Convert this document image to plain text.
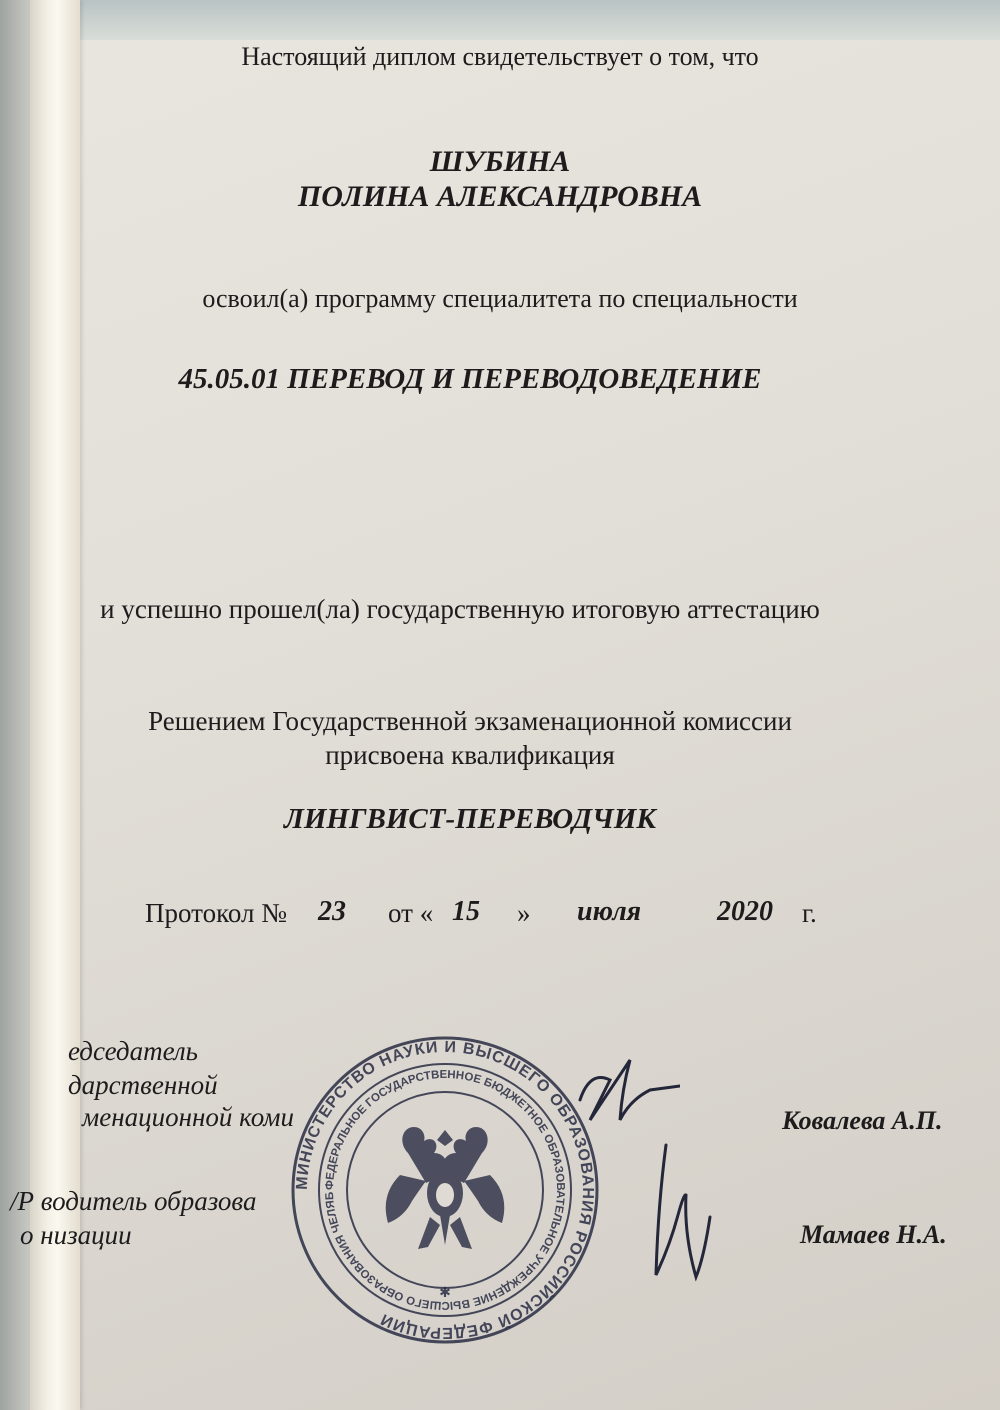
Настоящий диплом свидетельствует о том, что
ШУБИНА
ПОЛИНА АЛЕКСАНДРОВНА
освоил(а) программу специалитета по специальности
45.05.01 ПЕРЕВОД И ПЕРЕВОДОВЕДЕНИЕ
и успешно прошел(ла) государственную итоговую аттестацию
Решением Государственной экзаменационной комиссии
присвоена квалификация
ЛИНГВИСТ-ПЕРЕВОДЧИК
Протокол № 23 от « 15 » июля	2020 г.
едседатель
дарственной
менационной коми	Ковалева А.П.
/Р водитель образова
о низации	Мамаев Н.А.
МИНИСТЕРСТВО НАУКИ И ВЫСШЕГО ОБРАЗОВАНИЯ РОССИЙСКОЙ ФЕДЕРАЦИИ
ФЕДЕРАЛЬНОЕ ГОСУДАРСТВЕННОЕ БЮДЖЕТНОЕ ОБРАЗОВАТЕЛЬНОЕ УЧРЕЖДЕНИЕ ВЫСШЕГО ОБРАЗОВАНИЯ ЧЕЛЯБ
✱
